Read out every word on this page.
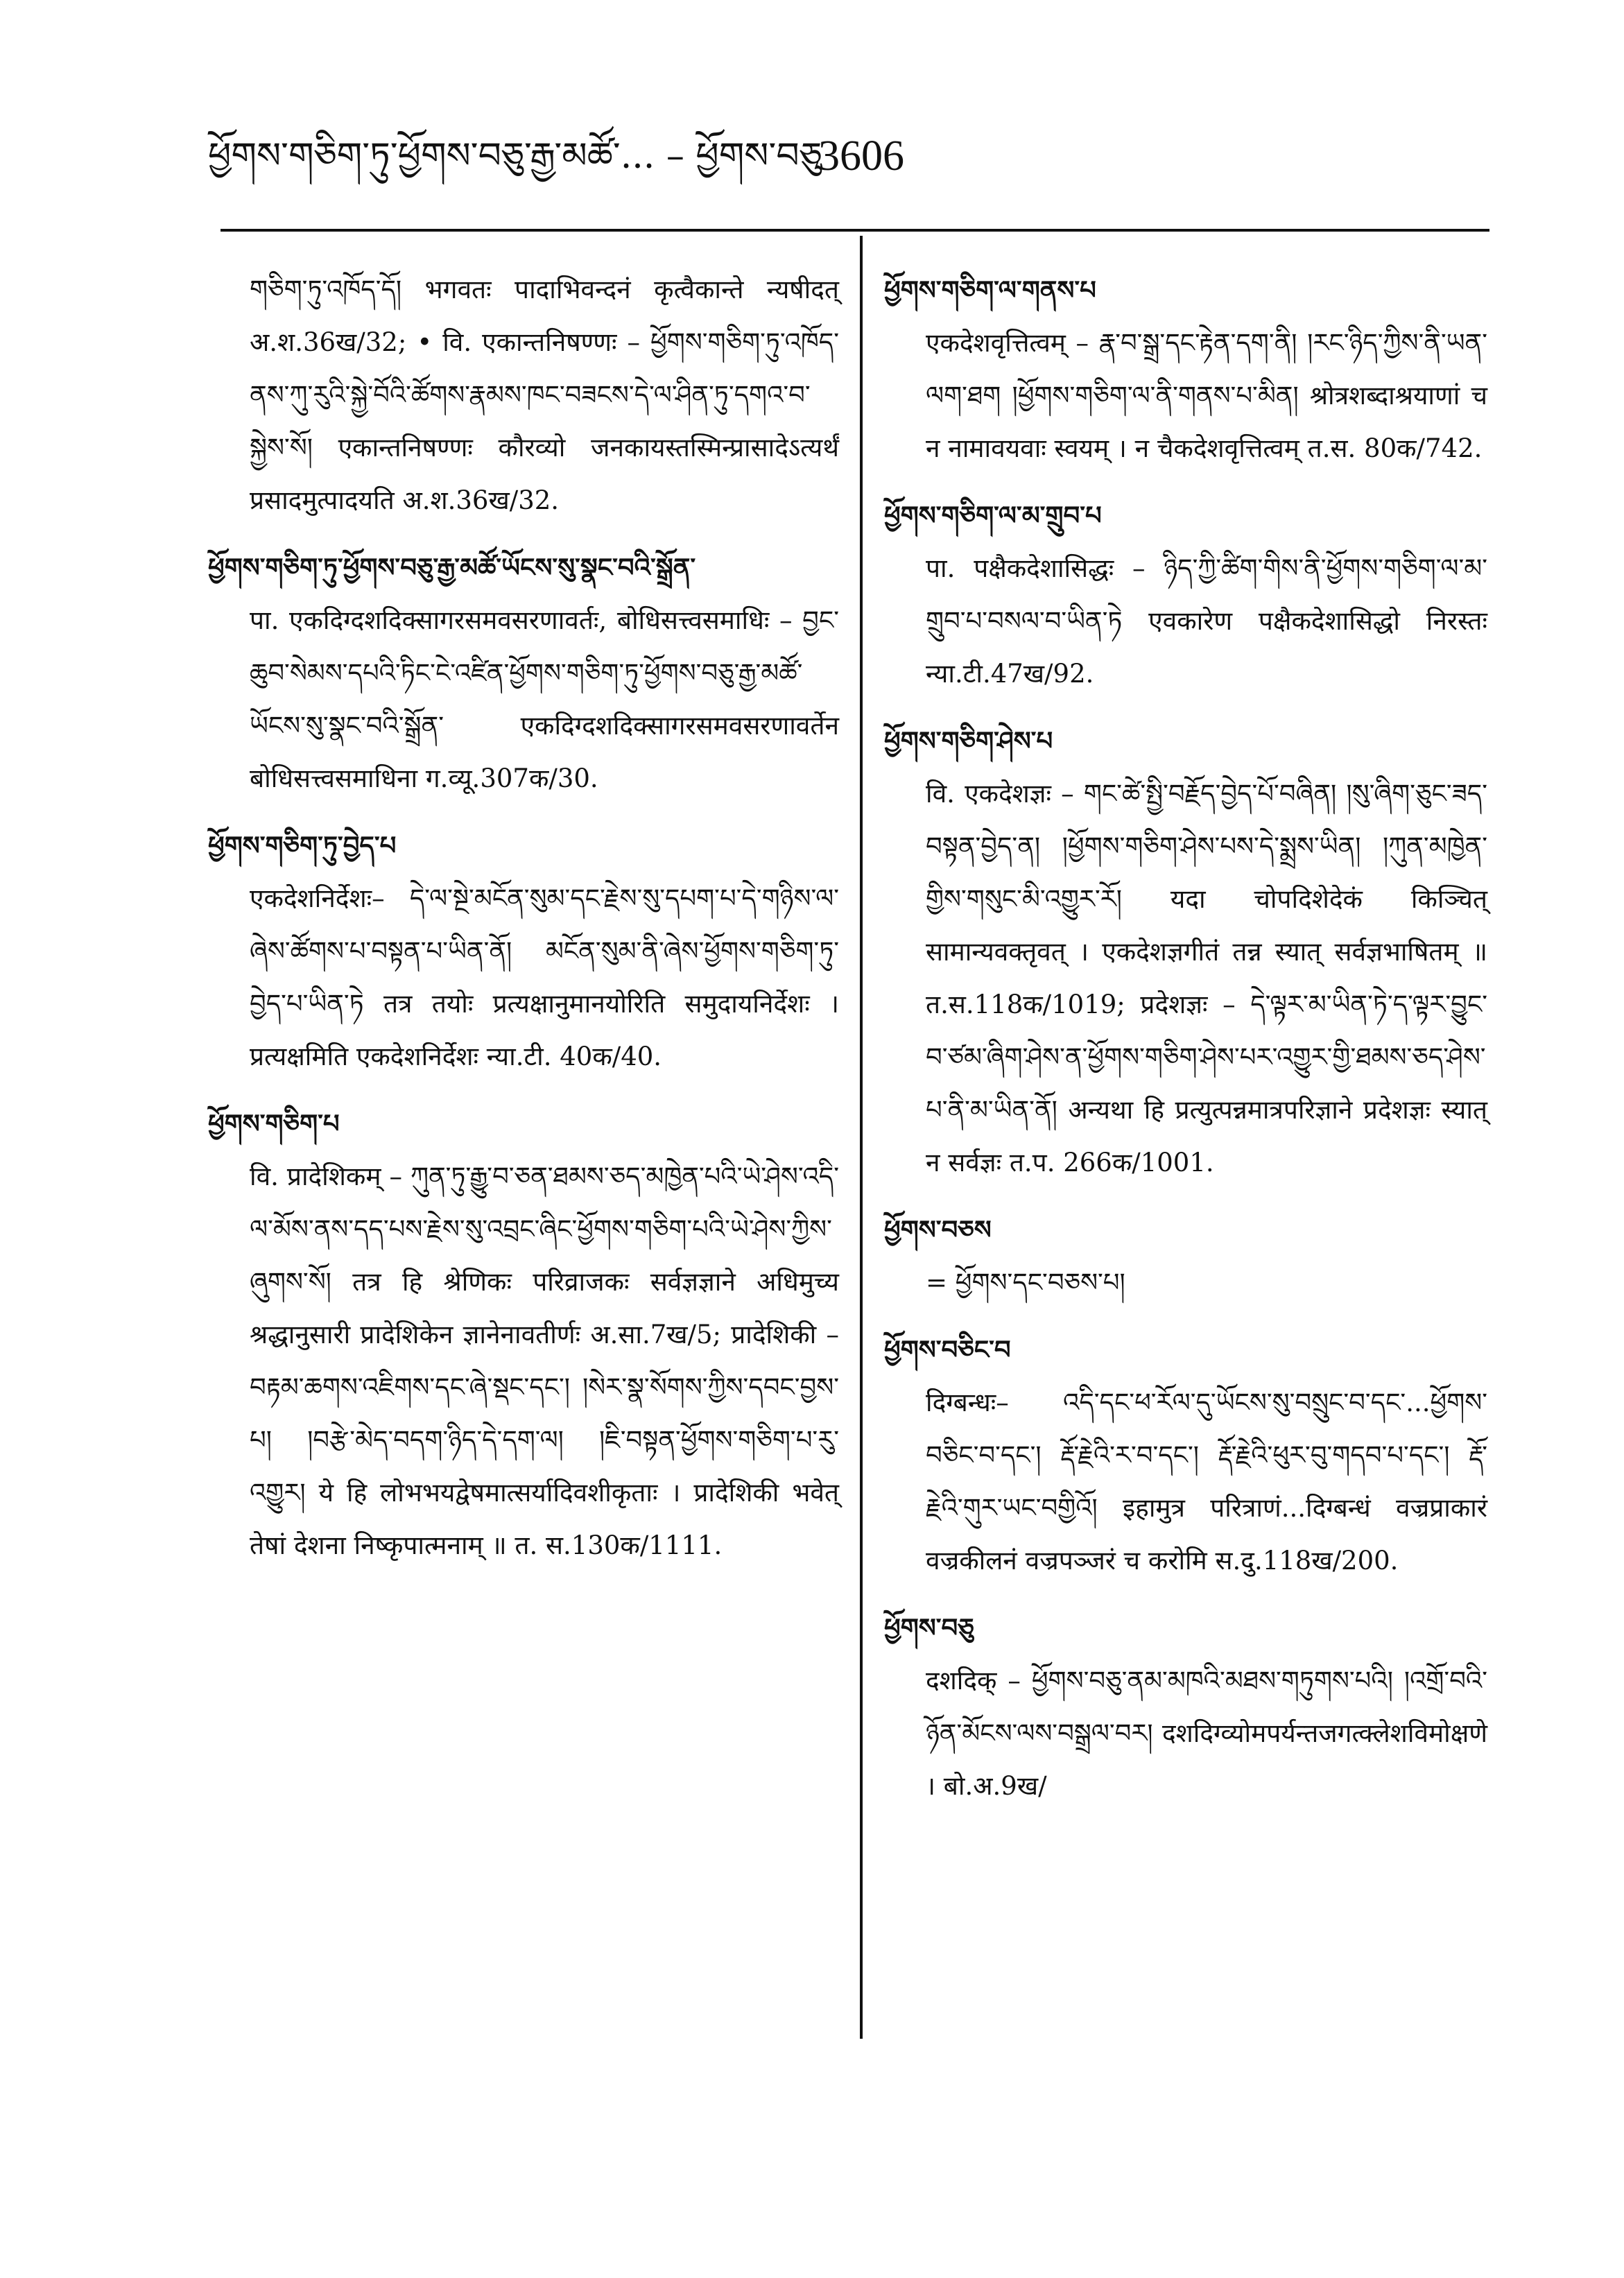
ཕྱོགས་གཅིག་ཏུ་ཕྱོགས་བཅུ་རྒྱ་མཚོ་... – ཕྱོགས་བཅུ
3606

གཅིག་ཏུ་འཁོད་དོ། भगवतः पादाभिवन्दनं कृत्वैकान्ते न्यषीदत् अ.श.36ख/32; • वि. एकान्तनिषण्णः – ཕྱོགས་གཅིག་ཏུ་འཁོད་ནས་ཀུ་རུའི་སྐྱེ་བོའི་ཚོགས་རྣམས་ཁང་བཟངས་དེ་ལ་ཤིན་ཏུ་དགའ་བ་སྐྱེས་སོ། एकान्तनिषण्णः कौरव्यो जनकायस्तस्मिन्प्रासादेऽत्यर्थं प्रसादमुत्पादयति अ.श.36ख/32.

ཕྱོགས་གཅིག་ཏུ་ཕྱོགས་བཅུ་རྒྱ་མཚོ་ཡོངས་སུ་སྣང་བའི་སྒྲོན་

पा. एकदिग्दशदिक्सागरसमवसरणावर्तः, बोधिसत्त्वसमाधिः – བྱང་ཆུབ་སེམས་དཔའི་ཏིང་ངེ་འཛིན་ཕྱོགས་གཅིག་ཏུ་ཕྱོགས་བཅུ་རྒྱ་མཚོ་ཡོངས་སུ་སྣང་བའི་སྒྲོན་ एकदिग्दशदिक्सागरसमवसरणावर्तेन बोधिसत्त्वसमाधिना ग.व्यू.307क/30.

ཕྱོགས་གཅིག་ཏུ་བྱེད་པ

एकदेशनिर्देशः– དེ་ལ་སྔེ་མངོན་སུམ་དང་རྗེས་སུ་དཔག་པ་དེ་གཉིས་ལ་ཞེས་ཚོགས་པ་བསྟན་པ་ཡིན་ནོ། མངོན་སུམ་ནི་ཞེས་ཕྱོགས་གཅིག་ཏུ་བྱེད་པ་ཡིན་ཏེ तत्र तयोः प्रत्यक्षानुमानयोरिति समुदायनिर्देशः । प्रत्यक्षमिति एकदेशनिर्देशः न्या.टी. 40क/40.

ཕྱོགས་གཅིག་པ

वि. प्रादेशिकम् – ཀུན་ཏུ་རྒྱུ་བ་ཅན་ཐམས་ཅད་མཁྱེན་པའི་ཡེ་ཤེས་འདི་ལ་མོས་ནས་དད་པས་རྗེས་སུ་འབྲང་ཞིང་ཕྱོགས་གཅིག་པའི་ཡེ་ཤེས་ཀྱིས་ཞུགས་སོ། तत्र हि श्रेणिकः परिव्राजकः सर्वज्ञज्ञाने अधिमुच्य श्रद्धानुसारी प्रादेशिकेन ज्ञानेनावतीर्णः अ.सा.7ख/5; प्रादेशिकी – བརྟམ་ཆགས་འཇིགས་དང་ཞེ་སྡང་དང་། །སེར་སྣ་སོགས་ཀྱིས་དབང་བྱས་པ། །བརྩེ་མེད་བདག་ཉིད་དེ་དག་ལ། །ཇི་བསྟན་ཕྱོགས་གཅིག་པ་རུ་འགྱུར། ये हि लोभभयद्वेषमात्सर्यादिवशीकृताः । प्रादेशिकी भवेत् तेषां देशना निष्कृपात्मनाम् ॥ त. स.130क/1111.

ཕྱོགས་གཅིག་ལ་གནས་པ

एकदेशवृत्तित्वम् – རྣ་བ་སྒྲ་དང་རྟེན་དག་ནི། །རང་ཉིད་ཀྱིས་ནི་ཡན་ལག་ཐག །ཕྱོགས་གཅིག་ལ་ནི་གནས་པ་མིན། श्रोत्रशब्दाश्रयाणां च न नामावयवाः स्वयम् । न चैकदेशवृत्तित्वम् त.स. 80क/742.

ཕྱོགས་གཅིག་ལ་མ་གྲུབ་པ

पा. पक्षैकदेशासिद्धः – ཉིད་ཀྱི་ཚིག་གིས་ནི་ཕྱོགས་གཅིག་ལ་མ་གྲུབ་པ་བསལ་བ་ཡིན་ཏེ एवकारेण पक्षैकदेशासिद्धो निरस्तः न्या.टी.47ख/92.

ཕྱོགས་གཅིག་ཤེས་པ

वि. एकदेशज्ञः – གང་ཚེ་སྤྱི་བརྗོད་བྱེད་པོ་བཞིན། །སུ་ཞིག་ཅུང་ཟད་བསྟན་བྱེད་ན། །ཕྱོགས་གཅིག་ཤེས་པས་དེ་སྨྲས་ཡིན། །ཀུན་མཁྱེན་གྱིས་གསུང་མི་འགྱུར་རོ། यदा चोपदिशेदेकं किञ्चित् सामान्यवक्तृवत् । एकदेशज्ञगीतं तन्न स्यात् सर्वज्ञभाषितम् ॥ त.स.118क/1019; प्रदेशज्ञः – དེ་ལྟར་མ་ཡིན་ཏེ་ད་ལྟར་བྱུང་བ་ཙམ་ཞིག་ཤེས་ན་ཕྱོགས་གཅིག་ཤེས་པར་འགྱུར་གྱི་ཐམས་ཅད་ཤེས་པ་ནི་མ་ཡིན་ནོ། अन्यथा हि प्रत्युत्पन्नमात्रपरिज्ञाने प्रदेशज्ञः स्यात् न सर्वज्ञः त.प. 266क/1001.

ཕྱོགས་བཅས

= ཕྱོགས་དང་བཅས་པ།

ཕྱོགས་བཅིང་བ

दिग्बन्धः– འདི་དང་ཕ་རོལ་དུ་ཡོངས་སུ་བསྲུང་བ་དང་...ཕྱོགས་བཅིང་བ་དང་། རྡོ་རྗེའི་ར་བ་དང་། རྡོ་རྗེའི་ཕུར་བུ་གདབ་པ་དང་། རྡོ་རྗེའི་གུར་ཡང་བགྱིའོ། इहामुत्र परित्राणं...दिग्बन्धं वज्रप्राकारं वज्रकीलनं वज्रपञ्जरं च करोमि स.दु.118ख/200.

ཕྱོགས་བཅུ

दशदिक् – ཕྱོགས་བཅུ་ནམ་མཁའི་མཐས་གཏུགས་པའི། །འགྲོ་བའི་ཉོན་མོངས་ལས་བསྒྲལ་བར། दशदिग्व्योमपर्यन्तजगत्क्लेशविमोक्षणे । बो.अ.9ख/
